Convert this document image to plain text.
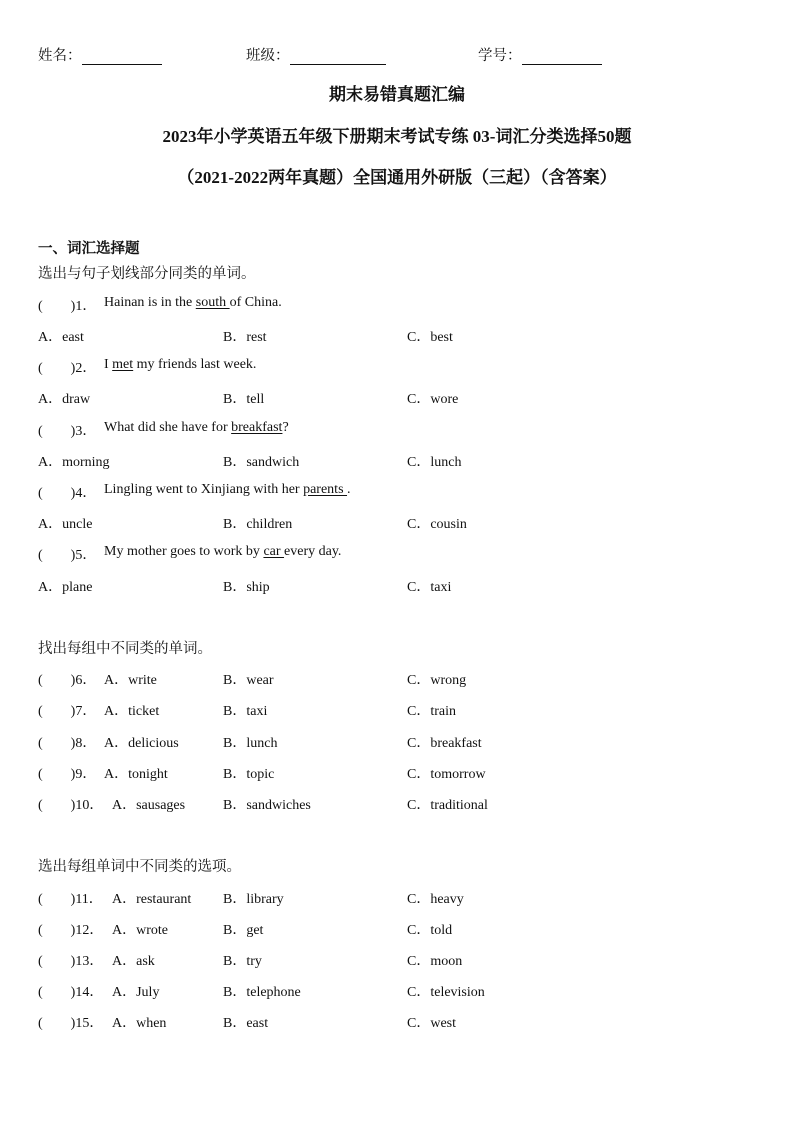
姓名：	班级：	学号：
期末易错真题汇编
2023年小学英语五年级下册期末考试专练 03-词汇分类选择50题
（2021-2022两年真题）全国通用外研版（三起）（含答案）
一、词汇选择题
选出与句子划线部分同类的单词。
(　　)1． Hainan is in the south of China.
A．east	B．rest	C．best
(　　)2． I met my friends last week.
A．draw	B．tell	C．wore
(　　)3． What did she have for breakfast?
A．morning	B．sandwich	C．lunch
(　　)4． Lingling went to Xinjiang with her parents .
A．uncle	B．children	C．cousin
(　　)5． My mother goes to work by car every day.
A．plane	B．ship	C．taxi
找出每组中不同类的单词。
(　　)6． A．write	B．wear	C．wrong
(　　)7． A．ticket	B．taxi	C．train
(　　)8． A．delicious	B．lunch	C．breakfast
(　　)9． A．tonight	B．topic	C．tomorrow
(　　)10． A．sausages	B．sandwiches	C．traditional
选出每组单词中不同类的选项。
(　　)11． A．restaurant B．library	C．heavy
(　　)12． A．wrote	B．get	C．told
(　　)13． A．ask	B．try	C．moon
(　　)14． A．July	B．telephone	C．television
(　　)15． A．when	B．east	C．west
